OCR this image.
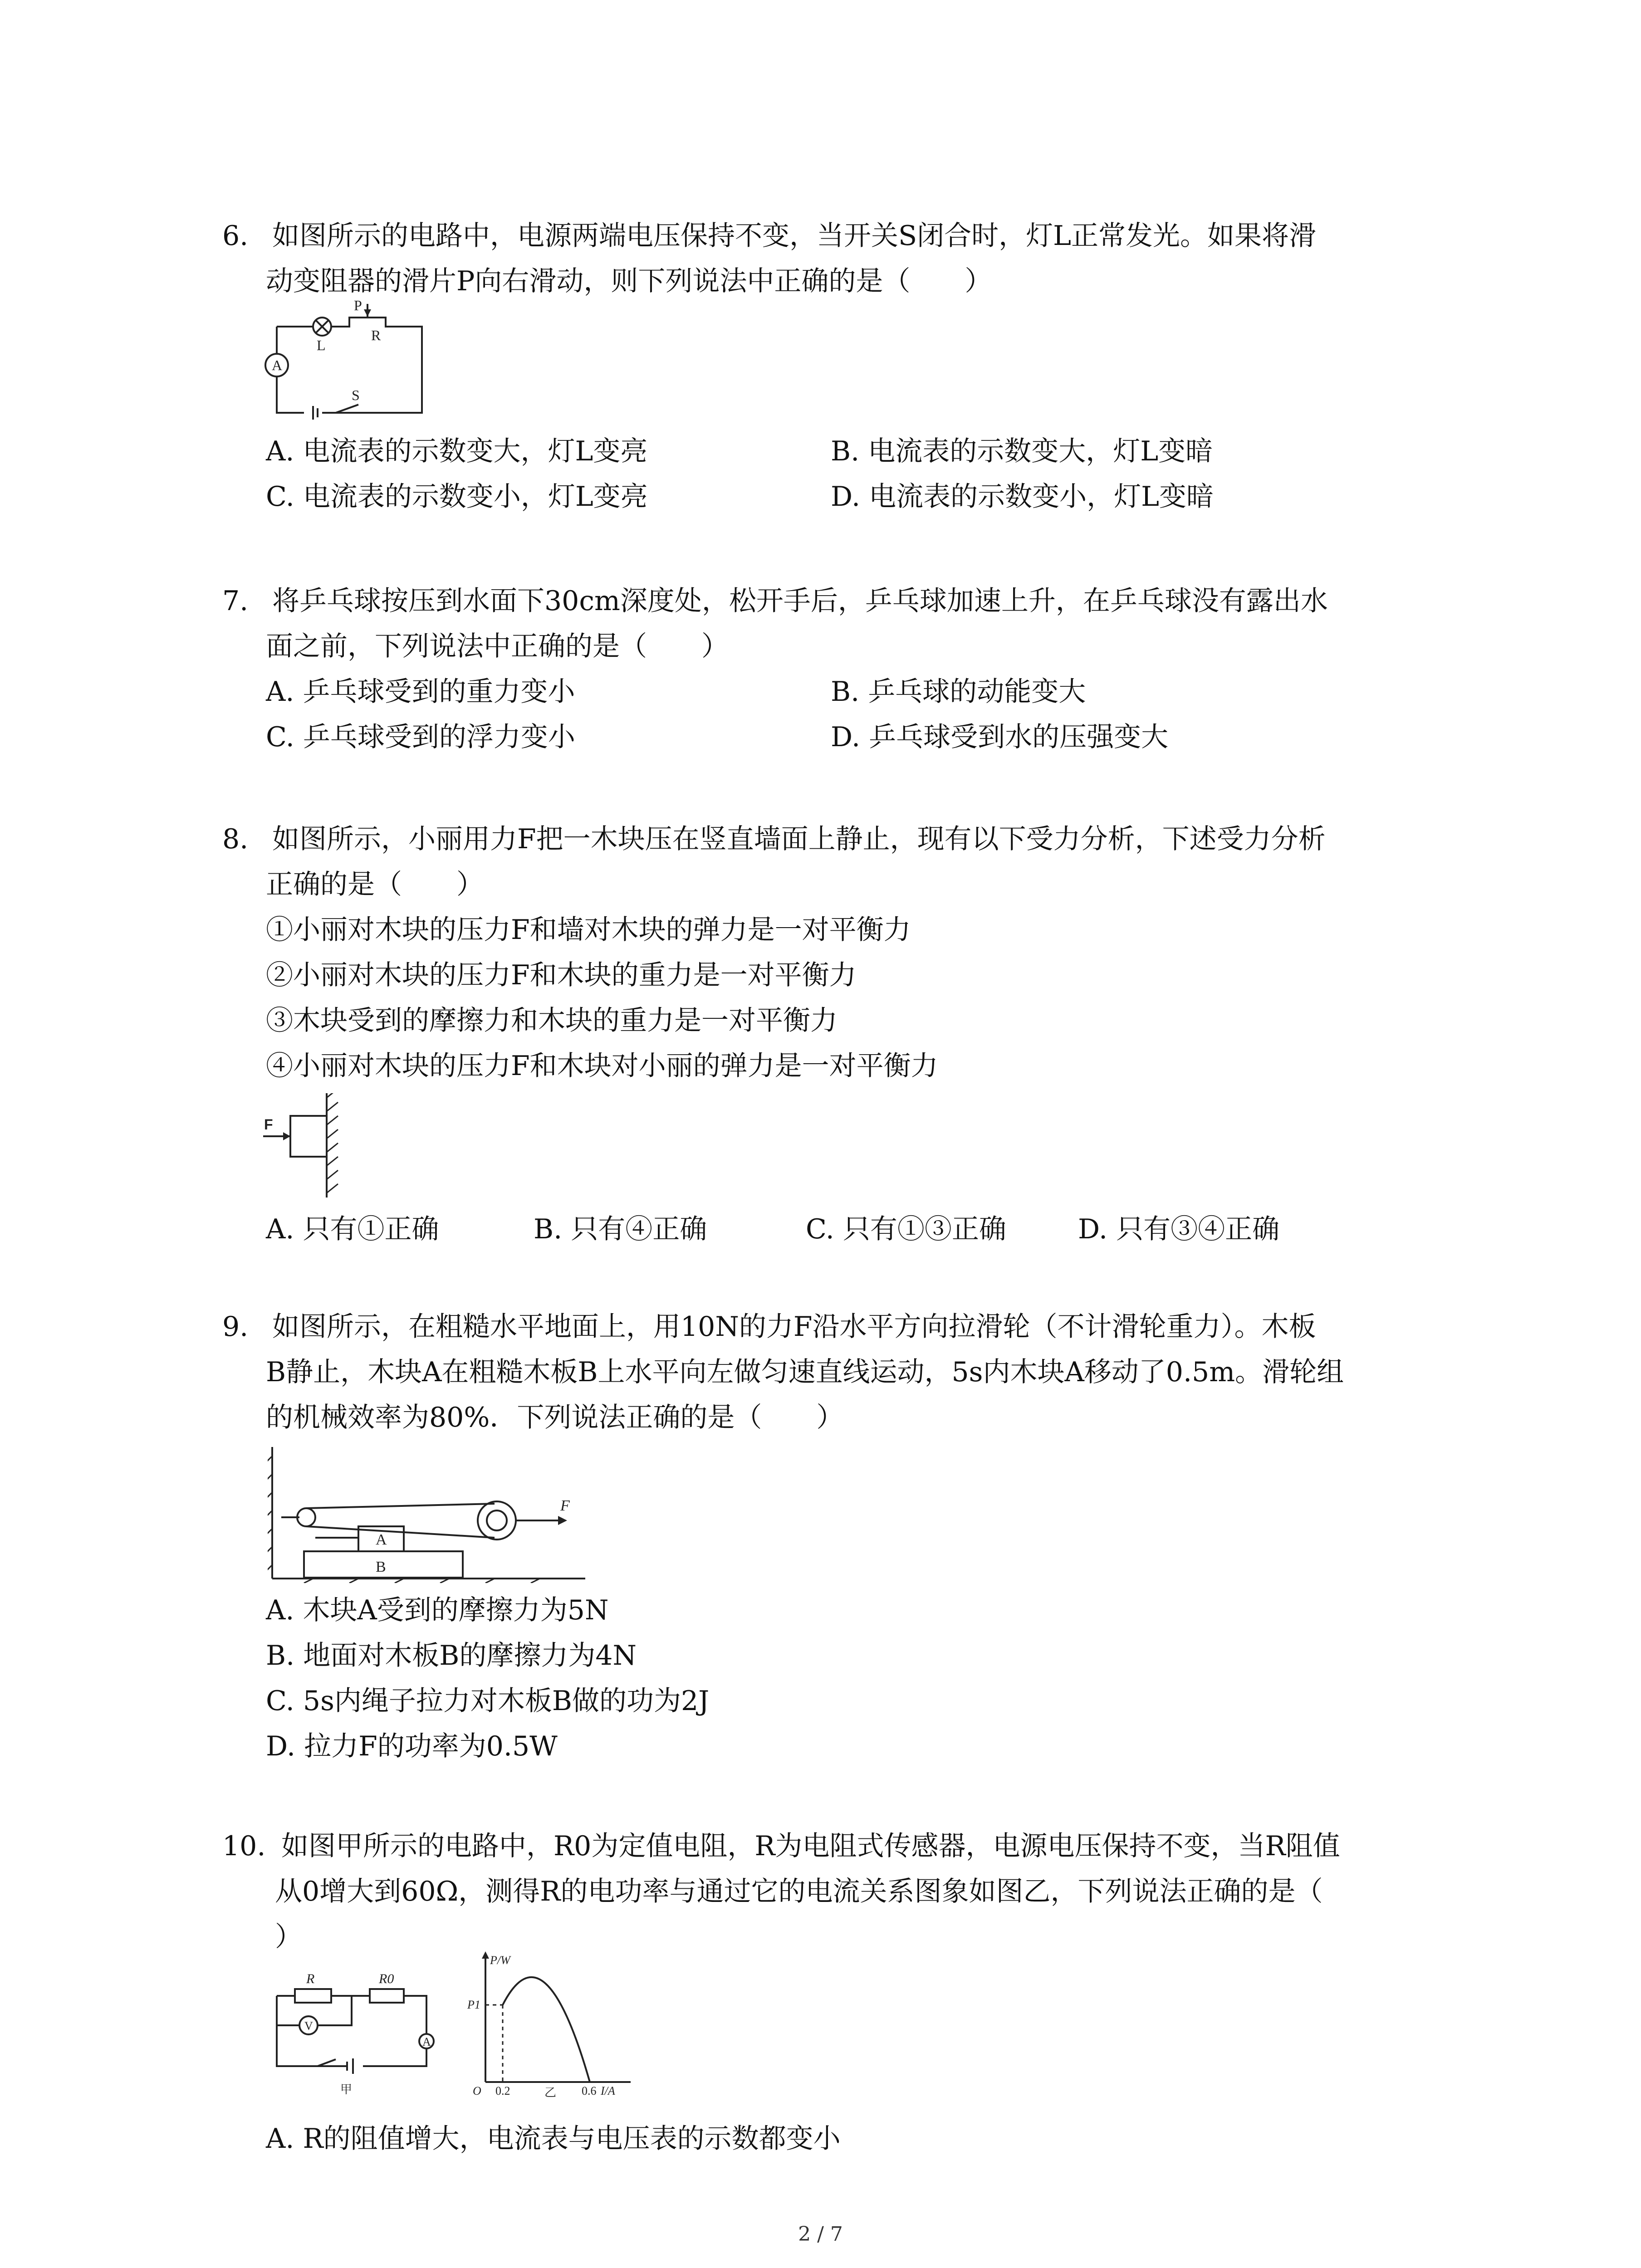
6. 如图所示的电路中，电源两端电压保持不变，当开关S闭合时，灯L正常发光。如果将滑
动变阻器的滑片P向右滑动，则下列说法中正确的是（　　）
P
L
R
S
A
A. 电流表的示数变大，灯L变亮	B. 电流表的示数变大，灯L变暗
C. 电流表的示数变小，灯L变亮	D. 电流表的示数变小，灯L变暗
7. 将乒乓球按压到水面下30cm深度处，松开手后，乒乓球加速上升，在乒乓球没有露出水
面之前，下列说法中正确的是（　　）
A. 乒乓球受到的重力变小	B. 乒乓球的动能变大
C. 乒乓球受到的浮力变小	D. 乒乓球受到水的压强变大
8. 如图所示，小丽用力F把一木块压在竖直墙面上静止，现有以下受力分析，下述受力分析
正确的是（　　）
①小丽对木块的压力F和墙对木块的弹力是一对平衡力
②小丽对木块的压力F和木块的重力是一对平衡力
③木块受到的摩擦力和木块的重力是一对平衡力
④小丽对木块的压力F和木块对小丽的弹力是一对平衡力
F
A. 只有①正确	B. 只有④正确	C. 只有①③正确	D. 只有③④正确
9. 如图所示，在粗糙水平地面上，用10N的力F沿水平方向拉滑轮（不计滑轮重力）。木板
B静止，木块A在粗糙木板B上水平向左做匀速直线运动，5s内木块A移动了0.5m。滑轮组
的机械效率为80%．下列说法正确的是（　　）
A
B
F
A. 木块A受到的摩擦力为5N
B. 地面对木板B的摩擦力为4N
C. 5s内绳子拉力对木板B做的功为2J
D. 拉力F的功率为0.5W
10. 如图甲所示的电路中，R0为定值电阻，R为电阻式传感器，电源电压保持不变，当R阻值
从0增大到60Ω，测得R的电功率与通过它的电流关系图象如图乙，下列说法正确的是（
）
R	R0
V
A
甲
P/W
P1
O 0.2	0.6 I/A
乙
A. R的阻值增大，电流表与电压表的示数都变小
2 / 7
